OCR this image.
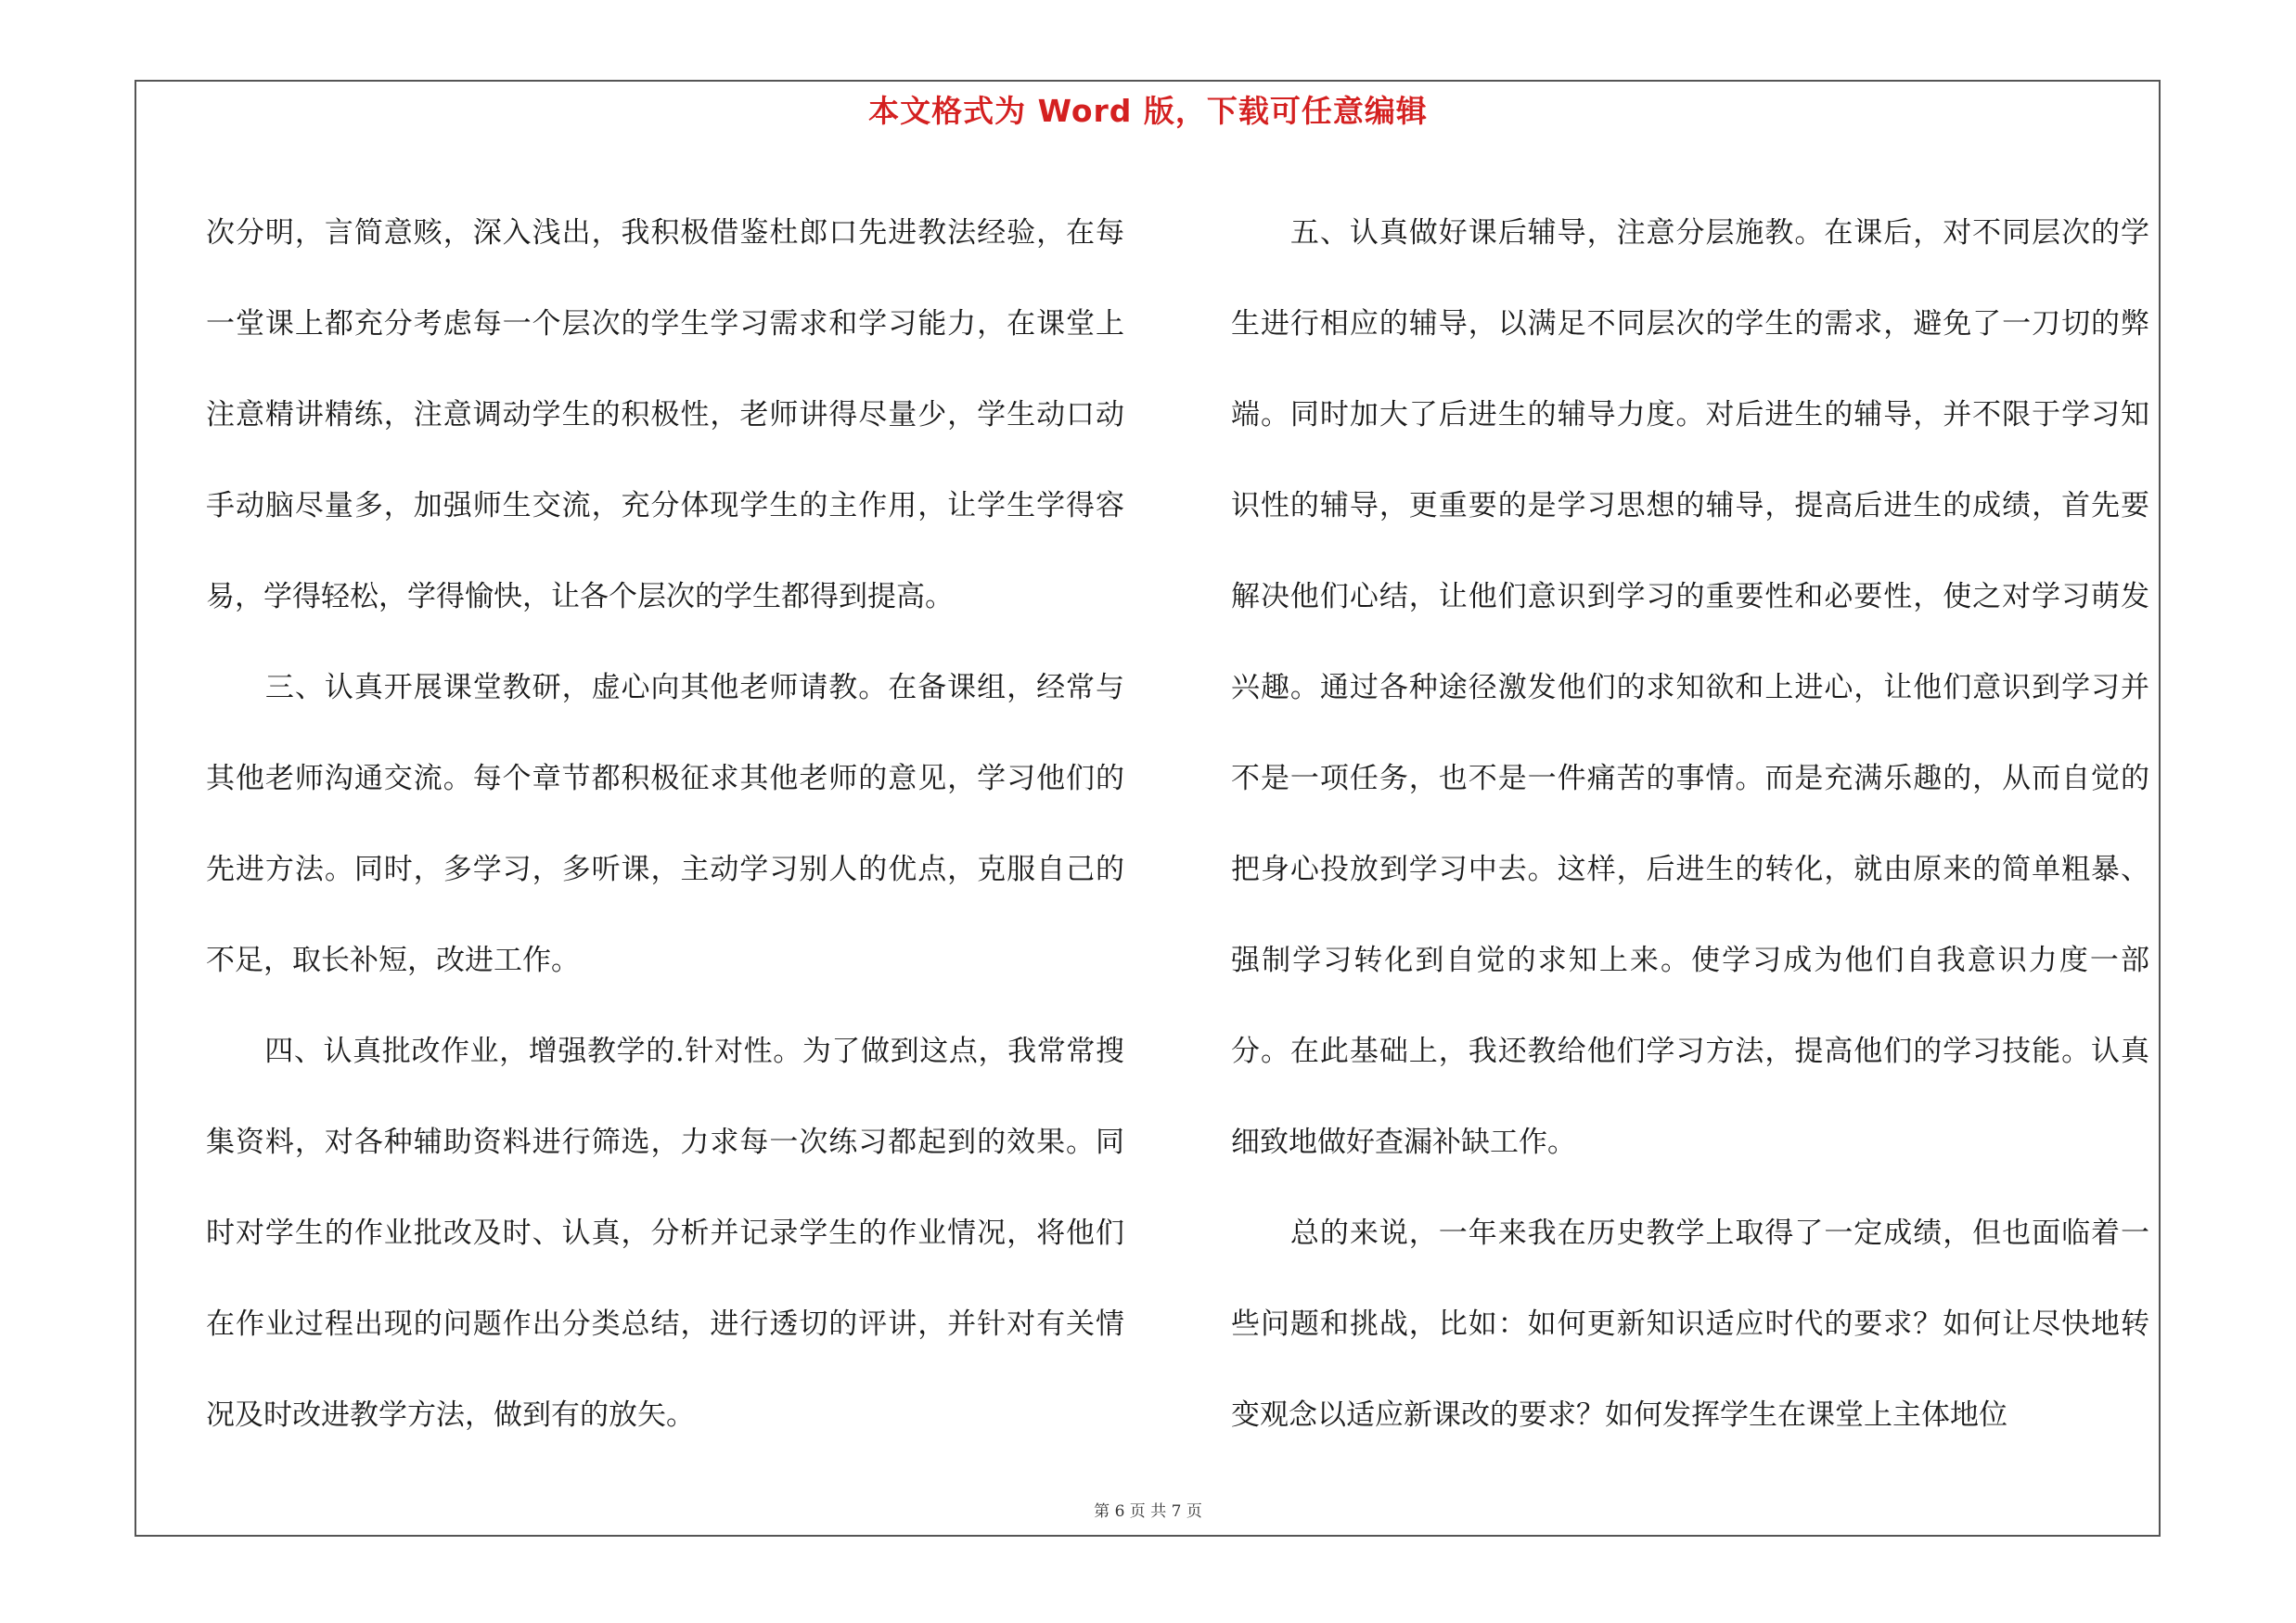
本文格式为 Word 版，下载可任意编辑

次分明，言简意赅，深入浅出，我积极借鉴杜郎口先进教法经验，在每一堂课上都充分考虑每一个层次的学生学习需求和学习能力，在课堂上注意精讲精练，注意调动学生的积极性，老师讲得尽量少，学生动口动手动脑尽量多，加强师生交流，充分体现学生的主作用，让学生学得容易，学得轻松，学得愉快，让各个层次的学生都得到提高。

　　三、认真开展课堂教研，虚心向其他老师请教。在备课组，经常与其他老师沟通交流。每个章节都积极征求其他老师的意见，学习他们的先进方法。同时，多学习，多听课，主动学习别人的优点，克服自己的不足，取长补短，改进工作。

　　四、认真批改作业，增强教学的.针对性。为了做到这点，我常常搜集资料，对各种辅助资料进行筛选，力求每一次练习都起到的效果。同时对学生的作业批改及时、认真，分析并记录学生的作业情况，将他们在作业过程出现的问题作出分类总结，进行透切的评讲，并针对有关情况及时改进教学方法，做到有的放矢。

　　五、认真做好课后辅导，注意分层施教。在课后，对不同层次的学生进行相应的辅导，以满足不同层次的学生的需求，避免了一刀切的弊端。同时加大了后进生的辅导力度。对后进生的辅导，并不限于学习知识性的辅导，更重要的是学习思想的辅导，提高后进生的成绩，首先要解决他们心结，让他们意识到学习的重要性和必要性，使之对学习萌发兴趣。通过各种途径激发他们的求知欲和上进心，让他们意识到学习并不是一项任务，也不是一件痛苦的事情。而是充满乐趣的，从而自觉的把身心投放到学习中去。这样，后进生的转化，就由原来的简单粗暴、强制学习转化到自觉的求知上来。使学习成为他们自我意识力度一部分。在此基础上，我还教给他们学习方法，提高他们的学习技能。认真细致地做好查漏补缺工作。

　　总的来说，一年来我在历史教学上取得了一定成绩，但也面临着一些问题和挑战，比如：如何更新知识适应时代的要求？如何让尽快地转变观念以适应新课改的要求？如何发挥学生在课堂上主体地位

第 6 页 共 7 页
